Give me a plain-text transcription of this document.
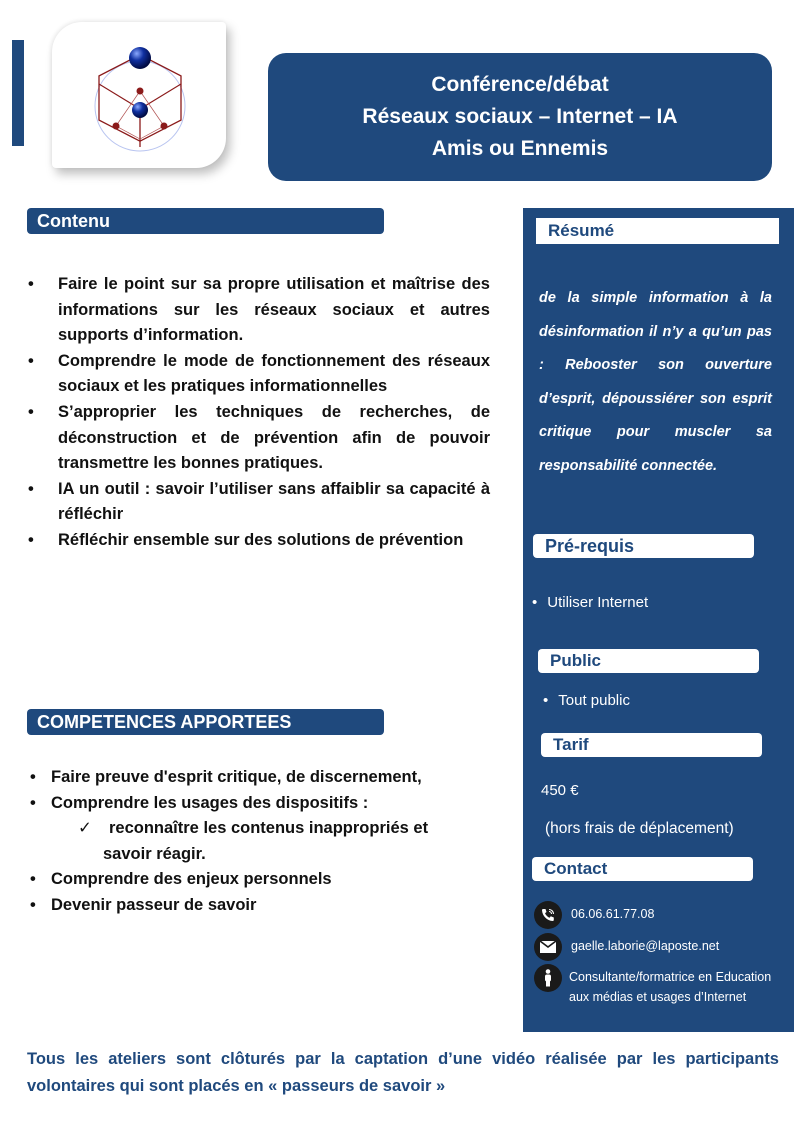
Conférence/débat
Réseaux sociaux – Internet – IA
Amis ou Ennemis
Contenu
• Faire le point sur sa propre utilisation et maîtrise des informations sur les réseaux sociaux et autres supports d’information.
• Comprendre le mode de fonctionnement des réseaux sociaux et les pratiques informationnelles
• S’approprier les techniques de recherches, de déconstruction et de prévention afin de pouvoir transmettre les bonnes pratiques.
• IA un outil : savoir l’utiliser sans affaiblir sa capacité à réfléchir
• Réfléchir ensemble sur des solutions de prévention
COMPETENCES APPORTEES
• Faire preuve d'esprit critique, de discernement,
• Comprendre les usages des dispositifs :
✓ reconnaître les contenus inappropriés et
savoir réagir.
• Comprendre des enjeux personnels
• Devenir passeur de savoir
Résumé
de la simple information à la désinformation il n’y a qu’un pas : Rebooster son ouverture d’esprit, dépoussiérer son esprit critique pour muscler sa responsabilité connectée.
Pré-requis
• Utiliser Internet
Public
• Tout public
Tarif
450 €
(hors frais de déplacement)
Contact
06.06.61.77.08
gaelle.laborie@laposte.net
Consultante/formatrice en Education aux médias et usages d’Internet
Tous les ateliers sont clôturés par la captation d’une vidéo réalisée par les participants volontaires qui sont placés en « passeurs de savoir »
